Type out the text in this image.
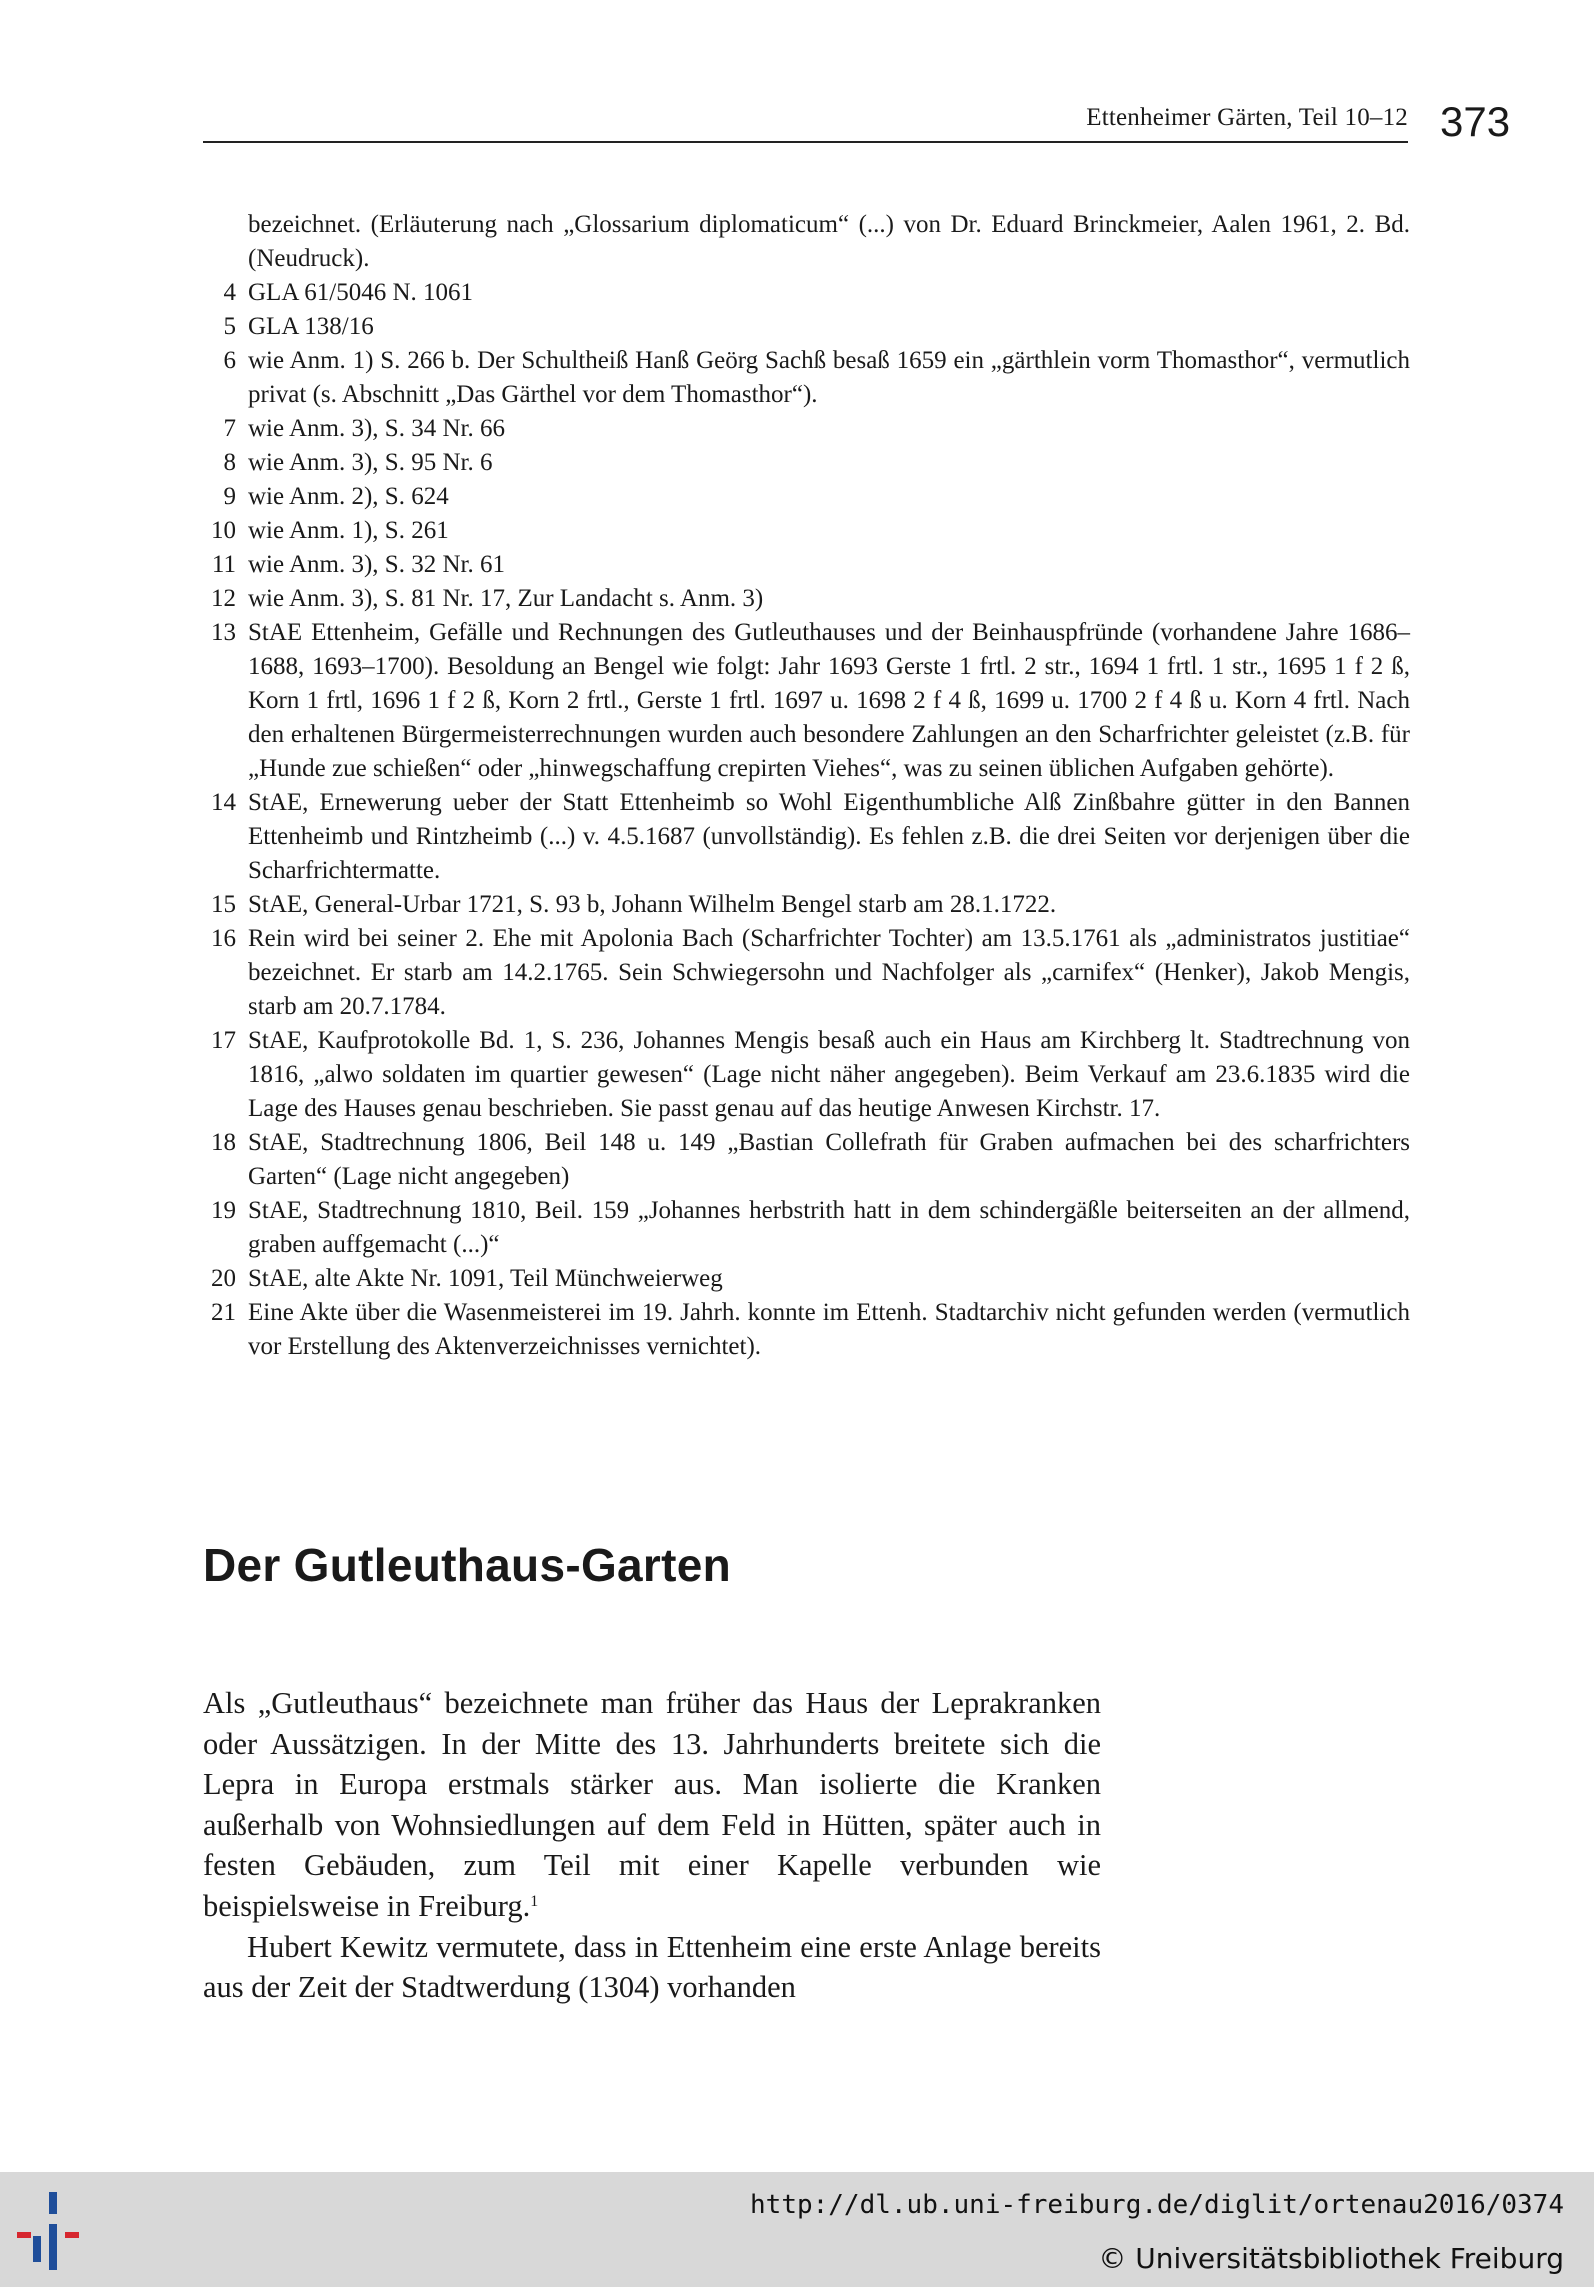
Ettenheimer Gärten, Teil 10–12 373
bezeichnet. (Erläuterung nach „Glossarium diplomaticum“ (...) von Dr. Eduard Brinckmeier, Aalen 1961, 2. Bd. (Neudruck).
4 GLA 61/5046 N. 1061
5 GLA 138/16
6 wie Anm. 1) S. 266 b. Der Schultheiß Hanß Geörg Sachß besaß 1659 ein „gärthlein vorm Thomasthor“, vermutlich privat (s. Abschnitt „Das Gärthel vor dem Thomasthor“).
7 wie Anm. 3), S. 34 Nr. 66
8 wie Anm. 3), S. 95 Nr. 6
9 wie Anm. 2), S. 624
10 wie Anm. 1), S. 261
11 wie Anm. 3), S. 32 Nr. 61
12 wie Anm. 3), S. 81 Nr. 17, Zur Landacht s. Anm. 3)
13 StAE Ettenheim, Gefälle und Rechnungen des Gutleuthauses und der Beinhauspfründe (vorhandene Jahre 1686–1688, 1693–1700). Besoldung an Bengel wie folgt: Jahr 1693 Gerste 1 frtl. 2 str., 1694 1 frtl. 1 str., 1695 1 f 2 ß, Korn 1 frtl, 1696 1 f 2 ß, Korn 2 frtl., Gerste 1 frtl. 1697 u. 1698 2 f 4 ß, 1699 u. 1700 2 f 4 ß u. Korn 4 frtl. Nach den erhaltenen Bürgermeisterrechnungen wurden auch besondere Zahlungen an den Scharfrichter geleistet (z.B. für „Hunde zue schießen“ oder „hinwegschaffung crepirten Viehes“, was zu seinen üblichen Aufgaben gehörte).
14 StAE, Ernewerung ueber der Statt Ettenheimb so Wohl Eigenthumbliche Alß Zinßbahre gütter in den Bannen Ettenheimb und Rintzheimb (...) v. 4.5.1687 (unvollständig). Es fehlen z.B. die drei Seiten vor derjenigen über die Scharfrichtermatte.
15 StAE, General-Urbar 1721, S. 93 b, Johann Wilhelm Bengel starb am 28.1.1722.
16 Rein wird bei seiner 2. Ehe mit Apolonia Bach (Scharfrichter Tochter) am 13.5.1761 als „administratos justitiae“ bezeichnet. Er starb am 14.2.1765. Sein Schwiegersohn und Nachfolger als „carnifex“ (Henker), Jakob Mengis, starb am 20.7.1784.
17 StAE, Kaufprotokolle Bd. 1, S. 236, Johannes Mengis besaß auch ein Haus am Kirchberg lt. Stadtrechnung von 1816, „alwo soldaten im quartier gewesen“ (Lage nicht näher angegeben). Beim Verkauf am 23.6.1835 wird die Lage des Hauses genau beschrieben. Sie passt genau auf das heutige Anwesen Kirchstr. 17.
18 StAE, Stadtrechnung 1806, Beil 148 u. 149 „Bastian Collefrath für Graben aufmachen bei des scharfrichters Garten“ (Lage nicht angegeben)
19 StAE, Stadtrechnung 1810, Beil. 159 „Johannes herbstrith hatt in dem schindergäßle beiterseiten an der allmend, graben auffgemacht (...)“
20 StAE, alte Akte Nr. 1091, Teil Münchweierweg
21 Eine Akte über die Wasenmeisterei im 19. Jahrh. konnte im Ettenh. Stadtarchiv nicht gefunden werden (vermutlich vor Erstellung des Aktenverzeichnisses vernichtet).
Der Gutleuthaus-Garten

Als „Gutleuthaus“ bezeichnete man früher das Haus der Leprakranken oder Aussätzigen. In der Mitte des 13. Jahrhunderts breitete sich die Lepra in Europa erstmals stärker aus. Man isolierte die Kranken außerhalb von Wohnsiedlungen auf dem Feld in Hütten, später auch in festen Gebäuden, zum Teil mit einer Kapelle verbunden wie beispielsweise in Freiburg.$^1$

Hubert Kewitz vermutete, dass in Ettenheim eine erste Anlage bereits aus der Zeit der Stadtwerdung (1304) vorhanden

http://dl.ub.uni-freiburg.de/diglit/ortenau2016/0374
© Universitätsbibliothek Freiburg
